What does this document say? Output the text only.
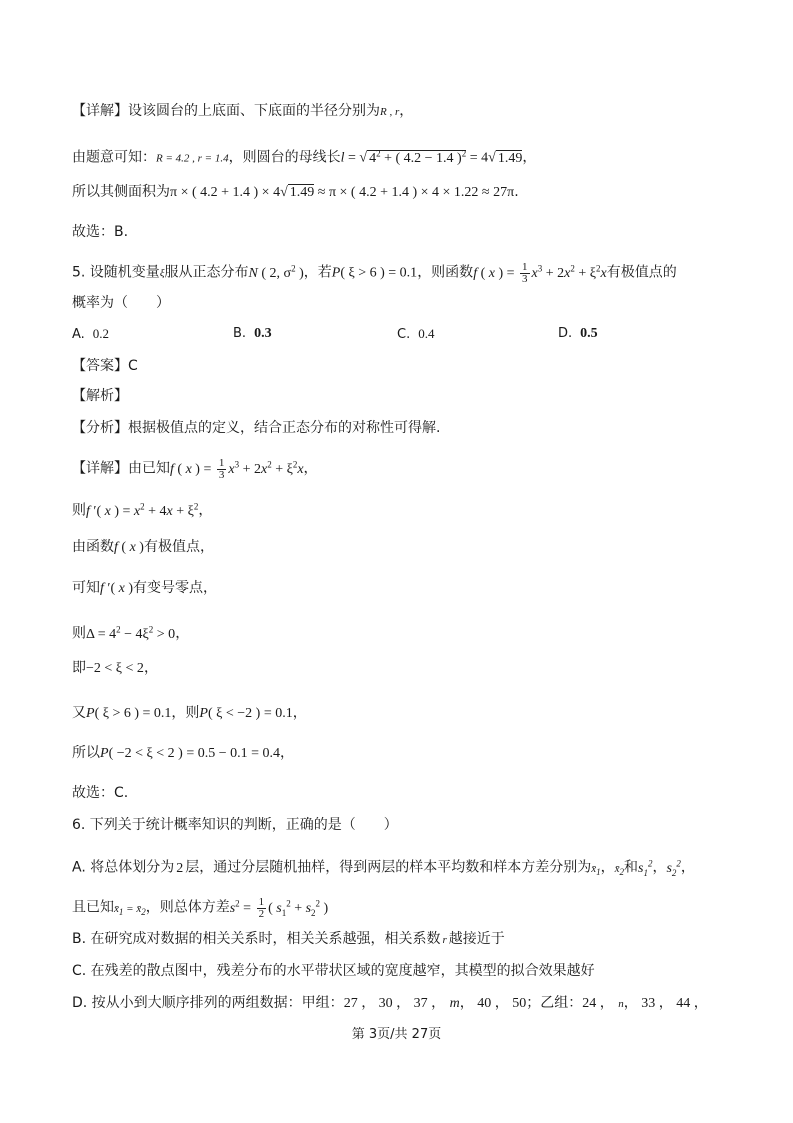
【详解】设该圆台的上底面、下底面的半径分别为R , r，
由题意可知：R = 4.2 , r = 1.4，则圆台的母线长l = √ $4^2$ + ( 4.2 − 1.4 )$^2$ = 4√ 1.49，
所以其侧面积为π × ( 4.2 + 1.4 ) × 4√ 1.49 ≈ π × ( 4.2 + 1.4 ) × 4 × 1.22 ≈ 27π.
故选：B.
5. 设随机变量ξ服从正态分布N ( 2, $\sigma^2$ )，若P( ξ > 6 ) = 0.1，则函数f ( x ) = $\frac{1}{3} x^3 + 2x^2 + \xi^2x$有极值点的
概率为（　　）
A. 0.2	B. 0.3	C. 0.4	D. 0.5
【答案】C
【解析】
【分析】根据极值点的定义，结合正态分布的对称性可得解.
【详解】由已知f ( x ) = $\frac{1}{3} x^3 + 2x^2 + \xi^2x$，
则f ′( x ) = $x^2 + 4x + \xi^2$，
由函数f ( x )有极值点，
可知f ′( x )有变号零点，
则$\Delta = 4^2 - 4\xi^2 > 0$，
即−2 < ξ < 2，
又P( ξ > 6 ) = 0.1，则P( ξ < −2 ) = 0.1，
所以P( −2 < ξ < 2 ) = 0.5 − 0.1 = 0.4，
故选：C.
6. 下列关于统计概率知识的判断，正确的是（　　）
A. 将总体划分为 2 层，通过分层随机抽样，得到两层的样本平均数和样本方差分别为$x̄_1$，$x̄_2$和$s_1^2$，$s_2^2$，
且已知$x̄_1$ = $x̄_2$，则总体方差$s^2 = \frac{1}{2}$ ( $s_1^2 + s_2^2$ )
B. 在研究成对数据的相关关系时，相关关系越强，相关系数 r 越接近于
C. 在残差的散点图中，残差分布的水平带状区域的宽度越窄，其模型的拟合效果越好
D. 按从小到大顺序排列的两组数据：甲组：27 ， 30 ， 37 ， m， 40 ， 50；乙组：24 ， n， 33 ， 44 ，
第 3页/共 27页
